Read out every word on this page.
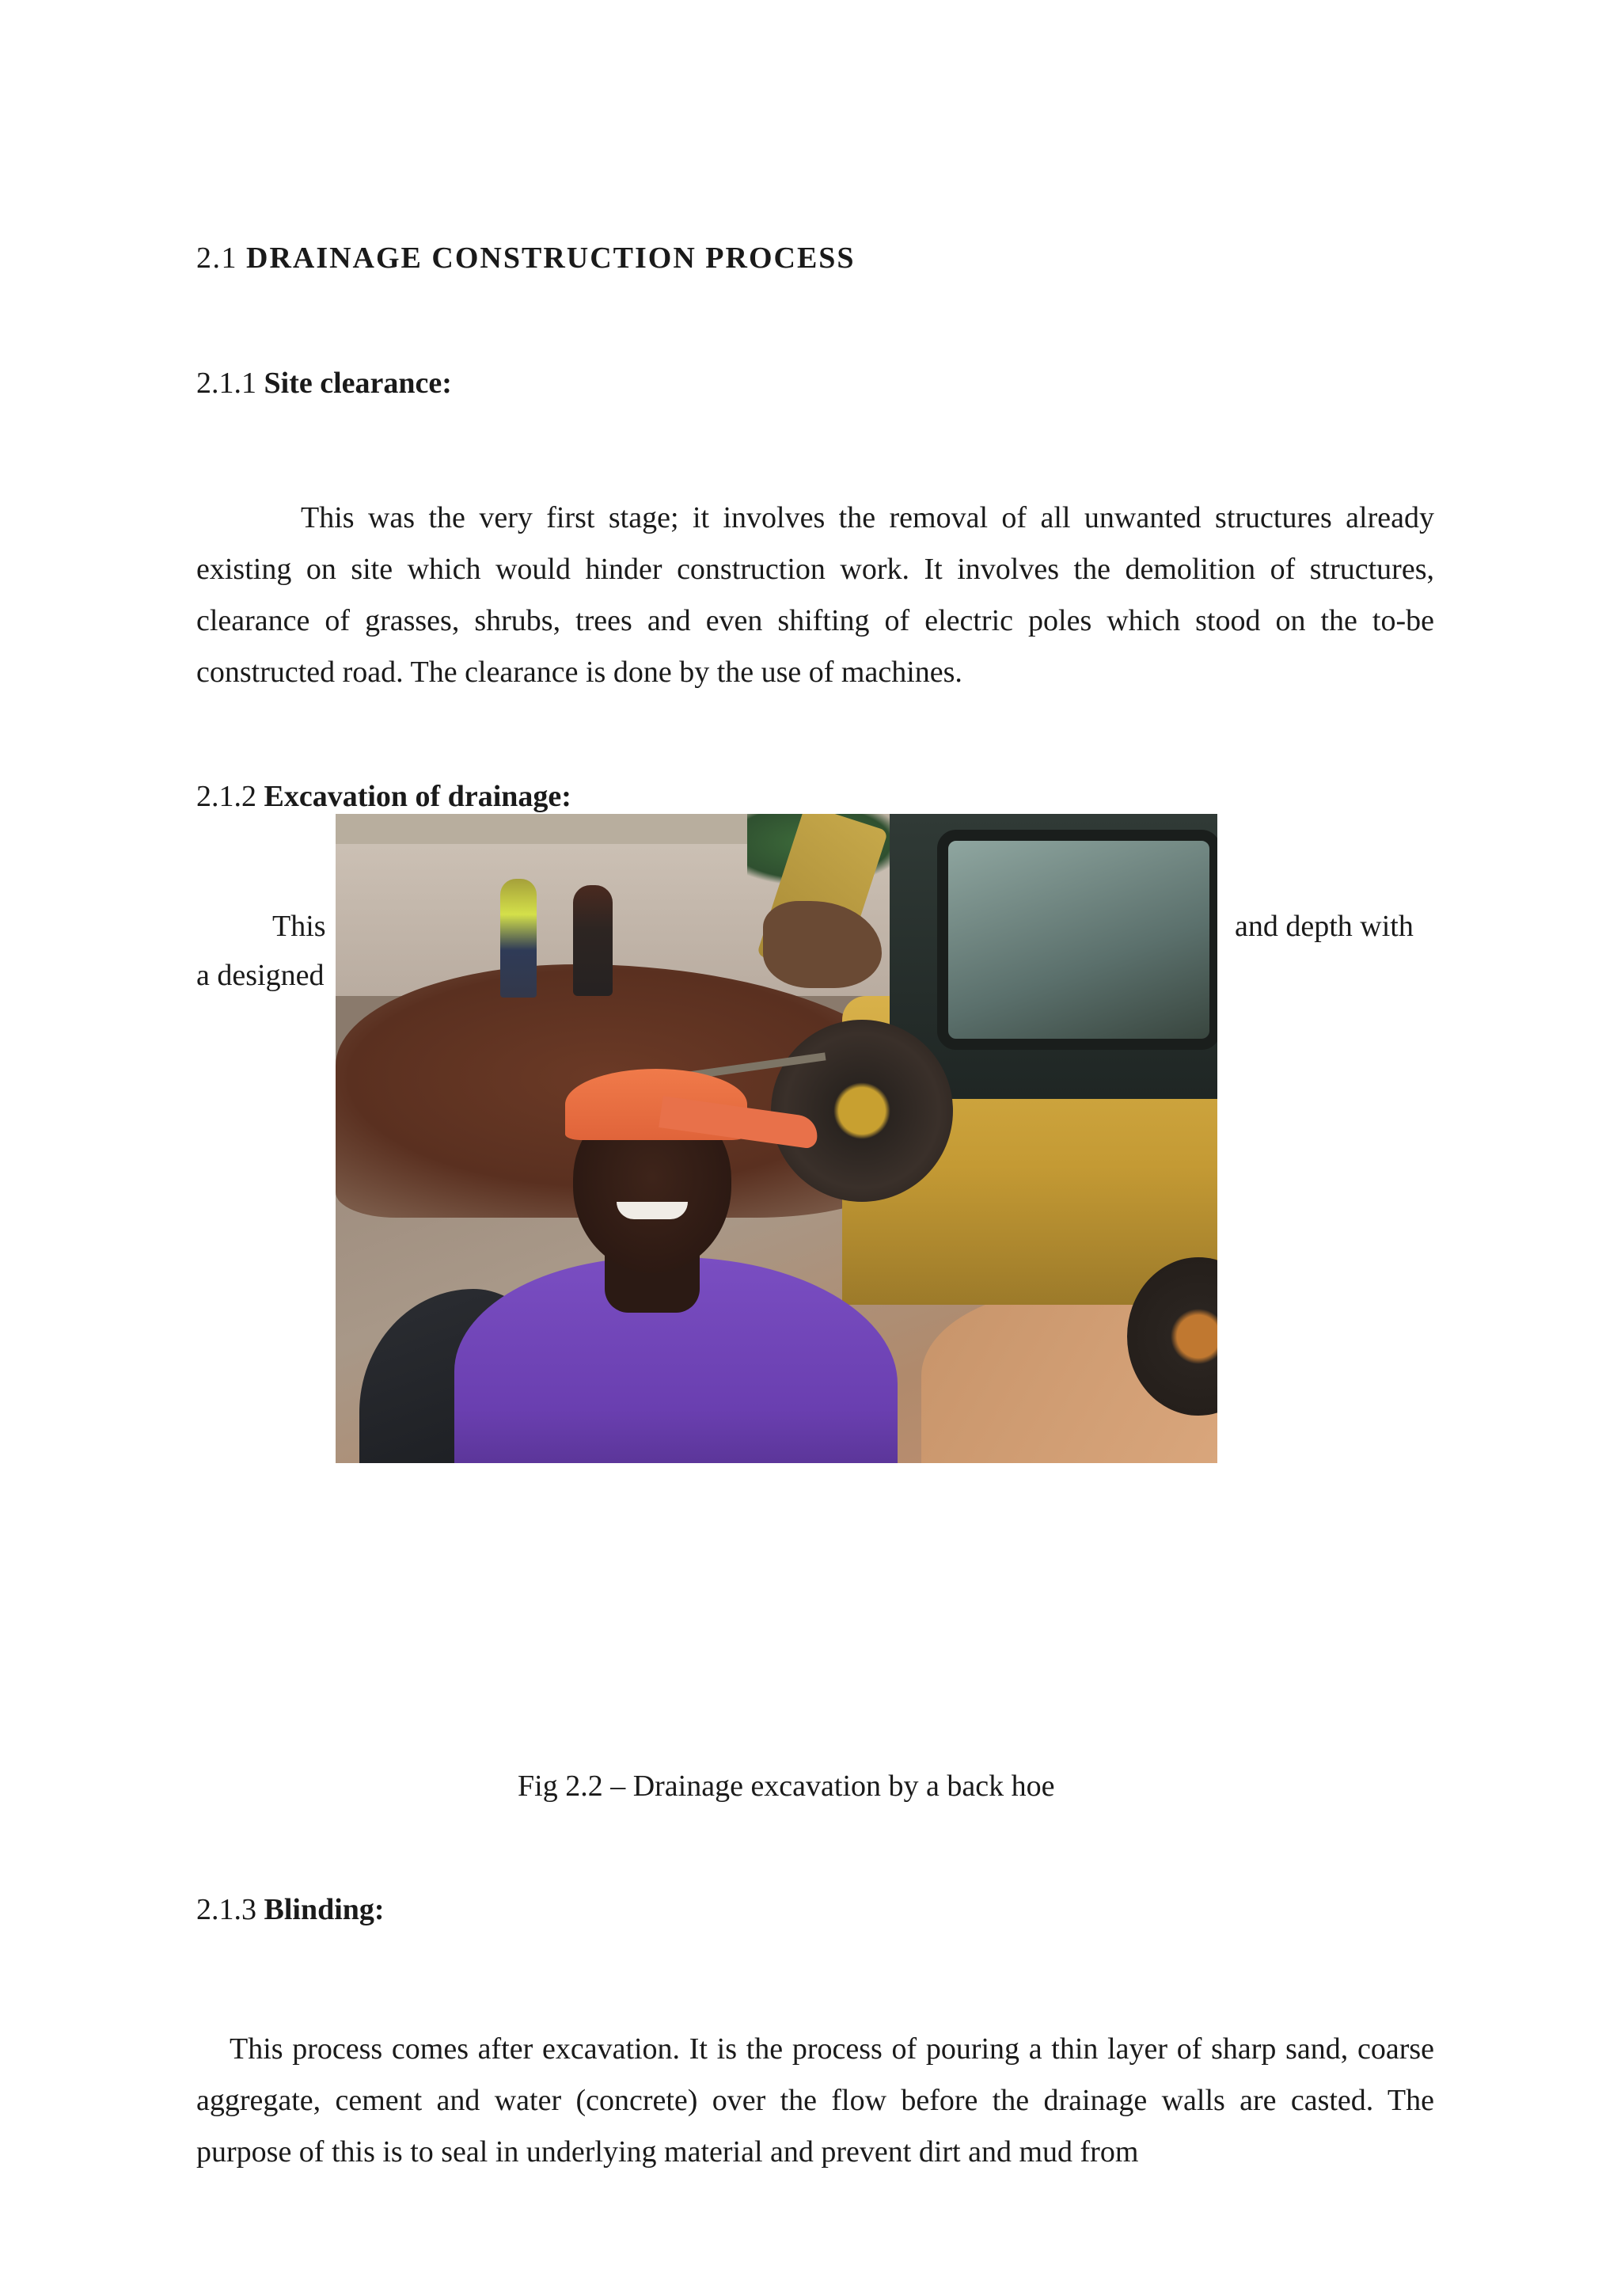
2.1 DRAINAGE CONSTRUCTION PROCESS
2.1.1 Site clearance:
This was the very first stage; it involves the removal of all unwanted structures already existing on site which would hinder construction work. It involves the demolition of structures, clearance of grasses, shrubs, trees and even shifting of electric poles which stood on the to-be constructed road. The clearance is done by the use of machines.
2.1.2 Excavation of drainage:
This	and depth with
a designed
Fig 2.2 – Drainage excavation by a back hoe
2.1.3 Blinding:
This process comes after excavation. It is the process of pouring a thin layer of sharp sand, coarse aggregate, cement and water (concrete) over the flow before the drainage walls are casted. The purpose of this is to seal in underlying material and prevent dirt and mud from
